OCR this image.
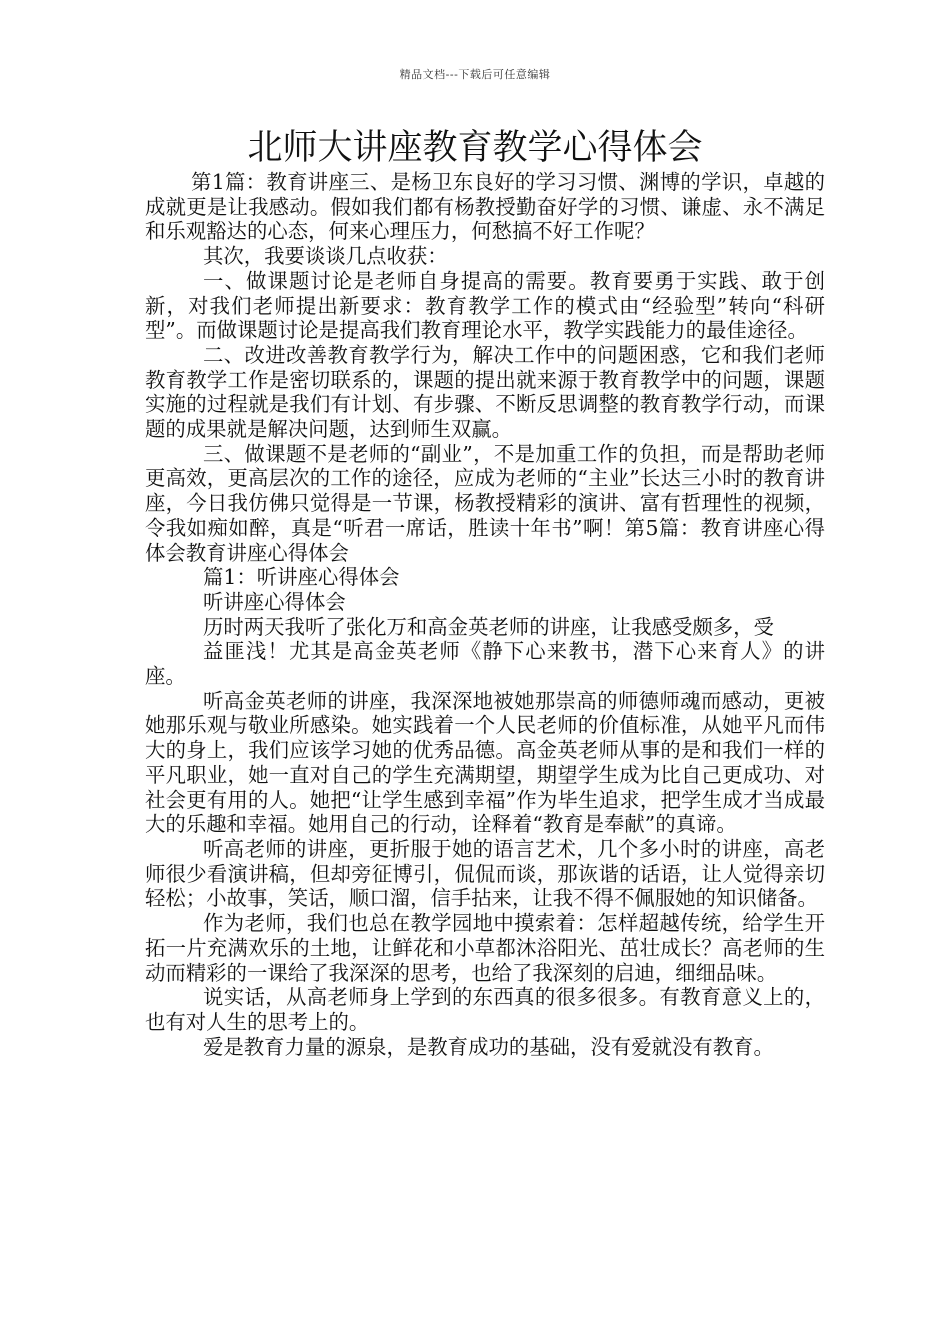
精品文档---下载后可任意编辑
北师大讲座教育教学心得体会

第1篇：教育讲座三、是杨卫东良好的学习习惯、渊博的学识，卓越的成就更是让我感动。假如我们都有杨教授勤奋好学的习惯、谦虚、永不满足和乐观豁达的心态，何来心理压力，何愁搞不好工作呢？

其次，我要谈谈几点收获：

一、做课题讨论是老师自身提高的需要。教育要勇于实践、敢于创新，对我们老师提出新要求：教育教学工作的模式由“经验型”转向“科研型”。而做课题讨论是提高我们教育理论水平，教学实践能力的最佳途径。

二、改进改善教育教学行为，解决工作中的问题困惑，它和我们老师教育教学工作是密切联系的，课题的提出就来源于教育教学中的问题，课题实施的过程就是我们有计划、有步骤、不断反思调整的教育教学行动，而课题的成果就是解决问题，达到师生双赢。

三、做课题不是老师的“副业”，不是加重工作的负担，而是帮助老师更高效，更高层次的工作的途径，应成为老师的“主业”长达三小时的教育讲座，今日我仿佛只觉得是一节课，杨教授精彩的演讲、富有哲理性的视频，令我如痴如醉，真是“听君一席话，胜读十年书”啊！第5篇：教育讲座心得体会教育讲座心得体会

篇1：听讲座心得体会

听讲座心得体会

历时两天我听了张化万和高金英老师的讲座，让我感受颇多，受

益匪浅！尤其是高金英老师《静下心来教书，潜下心来育人》的讲座。

听高金英老师的讲座，我深深地被她那崇高的师德师魂而感动，更被她那乐观与敬业所感染。她实践着一个人民老师的价值标准，从她平凡而伟大的身上，我们应该学习她的优秀品德。高金英老师从事的是和我们一样的平凡职业，她一直对自己的学生充满期望，期望学生成为比自己更成功、对社会更有用的人。她把“让学生感到幸福”作为毕生追求，把学生成才当成最大的乐趣和幸福。她用自己的行动，诠释着“教育是奉献”的真谛。

听高老师的讲座，更折服于她的语言艺术，几个多小时的讲座，高老师很少看演讲稿，但却旁征博引，侃侃而谈，那诙谐的话语，让人觉得亲切轻松；小故事，笑话，顺口溜，信手拈来，让我不得不佩服她的知识储备。

作为老师，我们也总在教学园地中摸索着：怎样超越传统，给学生开拓一片充满欢乐的土地，让鲜花和小草都沐浴阳光、茁壮成长？高老师的生动而精彩的一课给了我深深的思考，也给了我深刻的启迪，细细品味。

说实话，从高老师身上学到的东西真的很多很多。有教育意义上的，也有对人生的思考上的。

爱是教育力量的源泉，是教育成功的基础，没有爱就没有教育。
